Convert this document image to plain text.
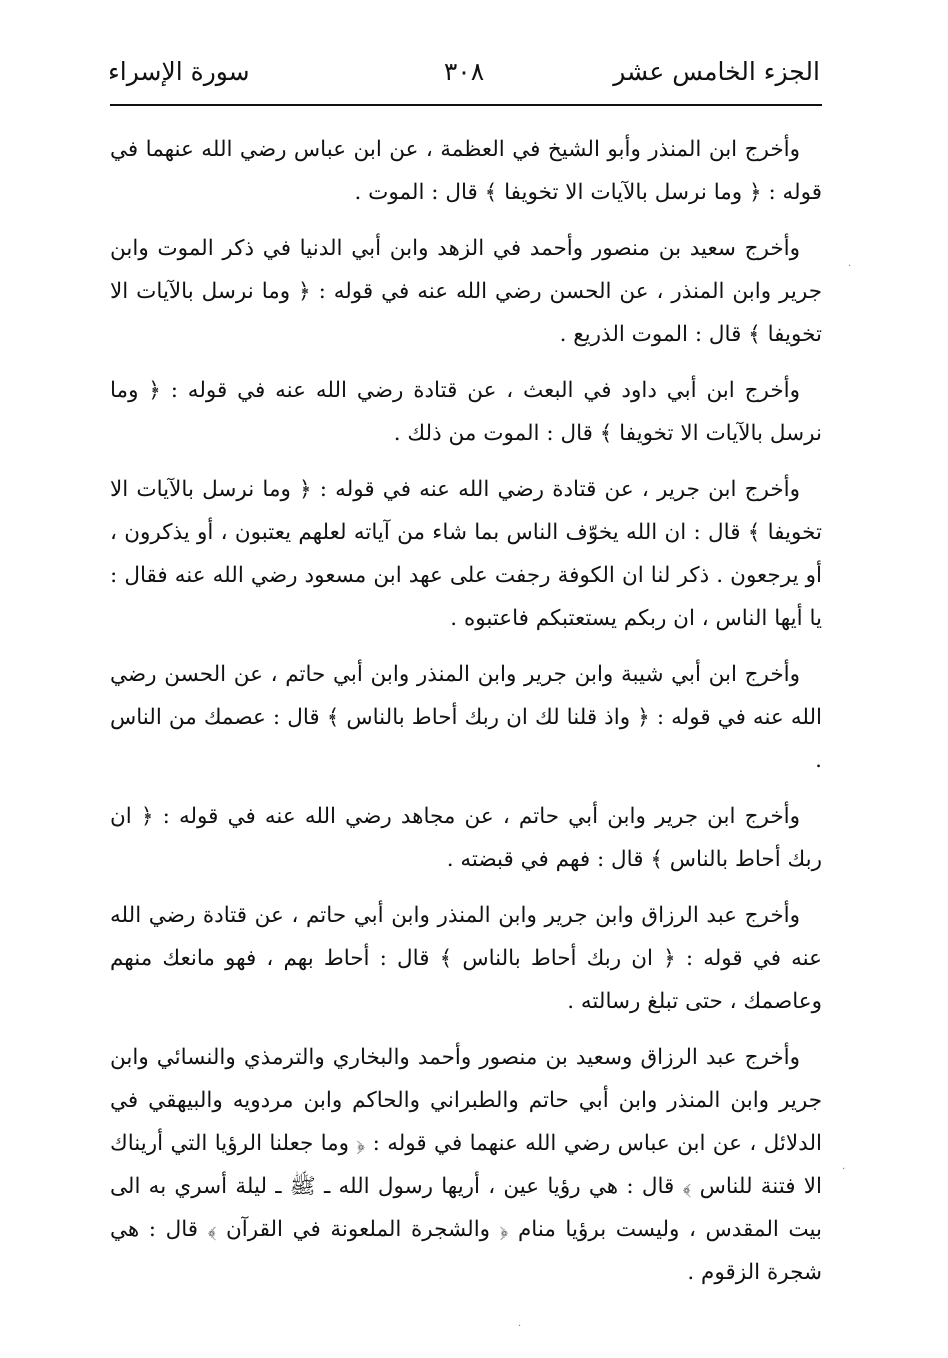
الجزء الخامس عشر
٣٠٨
سورة الإسراء

وأخرج ابن المنذر وأبو الشيخ في العظمة ، عن ابن عباس رضي الله عنهما في قوله : ﴿ وما نرسل بالآيات الا تخويفا ﴾ قال : الموت .

وأخرج سعيد بن منصور وأحمد في الزهد وابن أبي الدنيا في ذكر الموت وابن جرير وابن المنذر ، عن الحسن رضي الله عنه في قوله : ﴿ وما نرسل بالآيات الا تخويفا ﴾ قال : الموت الذريع .

وأخرج ابن أبي داود في البعث ، عن قتادة رضي الله عنه في قوله : ﴿ وما نرسل بالآيات الا تخويفا ﴾ قال : الموت من ذلك .

وأخرج ابن جرير ، عن قتادة رضي الله عنه في قوله : ﴿ وما نرسل بالآيات الا تخويفا ﴾ قال : ان الله يخوّف الناس بما شاء من آياته لعلهم يعتبون ، أو يذكرون ، أو يرجعون . ذكر لنا ان الكوفة رجفت على عهد ابن مسعود رضي الله عنه فقال : يا أيها الناس ، ان ربكم يستعتبكم فاعتبوه .

وأخرج ابن أبي شيبة وابن جرير وابن المنذر وابن أبي حاتم ، عن الحسن رضي الله عنه في قوله : ﴿ واذ قلنا لك ان ربك أحاط بالناس ﴾ قال : عصمك من الناس .

وأخرج ابن جرير وابن أبي حاتم ، عن مجاهد رضي الله عنه في قوله : ﴿ ان ربك أحاط بالناس ﴾ قال : فهم في قبضته .

وأخرج عبد الرزاق وابن جرير وابن المنذر وابن أبي حاتم ، عن قتادة رضي الله عنه في قوله : ﴿ ان ربك أحاط بالناس ﴾ قال : أحاط بهم ، فهو مانعك منهم وعاصمك ، حتى تبلغ رسالته .

وأخرج عبد الرزاق وسعيد بن منصور وأحمد والبخاري والترمذي والنسائي وابن جرير وابن المنذر وابن أبي حاتم والطبراني والحاكم وابن مردويه والبيهقي في الدلائل ، عن ابن عباس رضي الله عنهما في قوله : ﴿ وما جعلنا الرؤيا التي أريناك الا فتنة للناس ﴾ قال : هي رؤيا عين ، أريها رسول الله ـ ﷺ ـ ليلة أسري به الى بيت المقدس ، وليست برؤيا منام ﴿ والشجرة الملعونة في القرآن ﴾ قال : هي شجرة الزقوم .

·
·
·
